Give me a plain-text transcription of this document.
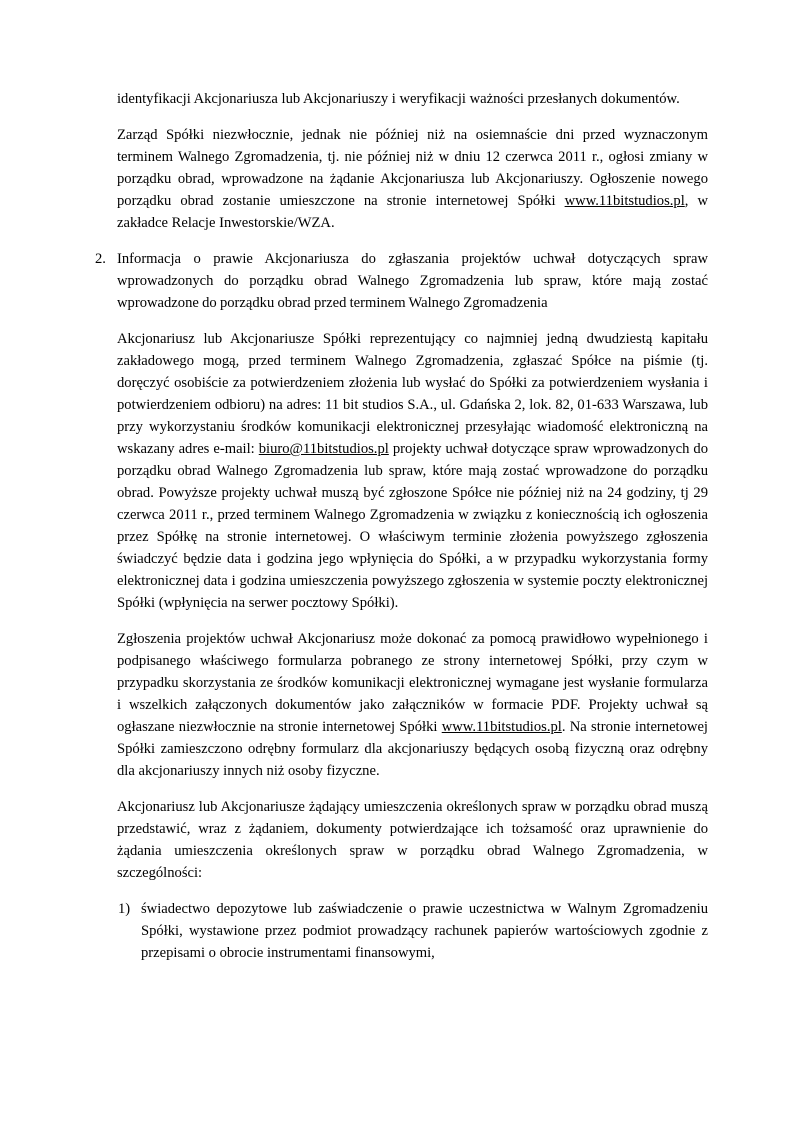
identyfikacji Akcjonariusza lub Akcjonariuszy i weryfikacji ważności przesłanych dokumentów.

Zarząd Spółki niezwłocznie, jednak nie później niż na osiemnaście dni przed wyznaczonym terminem Walnego Zgromadzenia, tj. nie później niż w dniu 12 czerwca 2011 r., ogłosi zmiany w porządku obrad, wprowadzone na żądanie Akcjonariusza lub Akcjonariuszy. Ogłoszenie nowego porządku obrad zostanie umieszczone na stronie internetowej Spółki www.11bitstudios.pl, w zakładce Relacje Inwestorskie/WZA.

2. Informacja o prawie Akcjonariusza do zgłaszania projektów uchwał dotyczących spraw wprowadzonych do porządku obrad Walnego Zgromadzenia lub spraw, które mają zostać wprowadzone do porządku obrad przed terminem Walnego Zgromadzenia

Akcjonariusz lub Akcjonariusze Spółki reprezentujący co najmniej jedną dwudziestą kapitału zakładowego mogą, przed terminem Walnego Zgromadzenia, zgłaszać Spółce na piśmie (tj. doręczyć osobiście za potwierdzeniem złożenia lub wysłać do Spółki za potwierdzeniem wysłania i potwierdzeniem odbioru) na adres: 11 bit studios S.A., ul. Gdańska 2, lok. 82, 01-633 Warszawa, lub przy wykorzystaniu środków komunikacji elektronicznej przesyłając wiadomość elektroniczną na wskazany adres e-mail: biuro@11bitstudios.pl projekty uchwał dotyczące spraw wprowadzonych do porządku obrad Walnego Zgromadzenia lub spraw, które mają zostać wprowadzone do porządku obrad. Powyższe projekty uchwał muszą być zgłoszone Spółce nie później niż na 24 godziny, tj 29 czerwca 2011 r., przed terminem Walnego Zgromadzenia w związku z koniecznością ich ogłoszenia przez Spółkę na stronie internetowej. O właściwym terminie złożenia powyższego zgłoszenia świadczyć będzie data i godzina jego wpłynięcia do Spółki, a w przypadku wykorzystania formy elektronicznej data i godzina umieszczenia powyższego zgłoszenia w systemie poczty elektronicznej Spółki (wpłynięcia na serwer pocztowy Spółki).

Zgłoszenia projektów uchwał Akcjonariusz może dokonać za pomocą prawidłowo wypełnionego i podpisanego właściwego formularza pobranego ze strony internetowej Spółki, przy czym w przypadku skorzystania ze środków komunikacji elektronicznej wymagane jest wysłanie formularza i wszelkich załączonych dokumentów jako załączników w formacie PDF. Projekty uchwał są ogłaszane niezwłocznie na stronie internetowej Spółki www.11bitstudios.pl. Na stronie internetowej Spółki zamieszczono odrębny formularz dla akcjonariuszy będących osobą fizyczną oraz odrębny dla akcjonariuszy innych niż osoby fizyczne.

Akcjonariusz lub Akcjonariusze żądający umieszczenia określonych spraw w porządku obrad muszą przedstawić, wraz z żądaniem, dokumenty potwierdzające ich tożsamość oraz uprawnienie do żądania umieszczenia określonych spraw w porządku obrad Walnego Zgromadzenia, w szczególności:

1) świadectwo depozytowe lub zaświadczenie o prawie uczestnictwa w Walnym Zgromadzeniu Spółki, wystawione przez podmiot prowadzący rachunek papierów wartościowych zgodnie z przepisami o obrocie instrumentami finansowymi,
